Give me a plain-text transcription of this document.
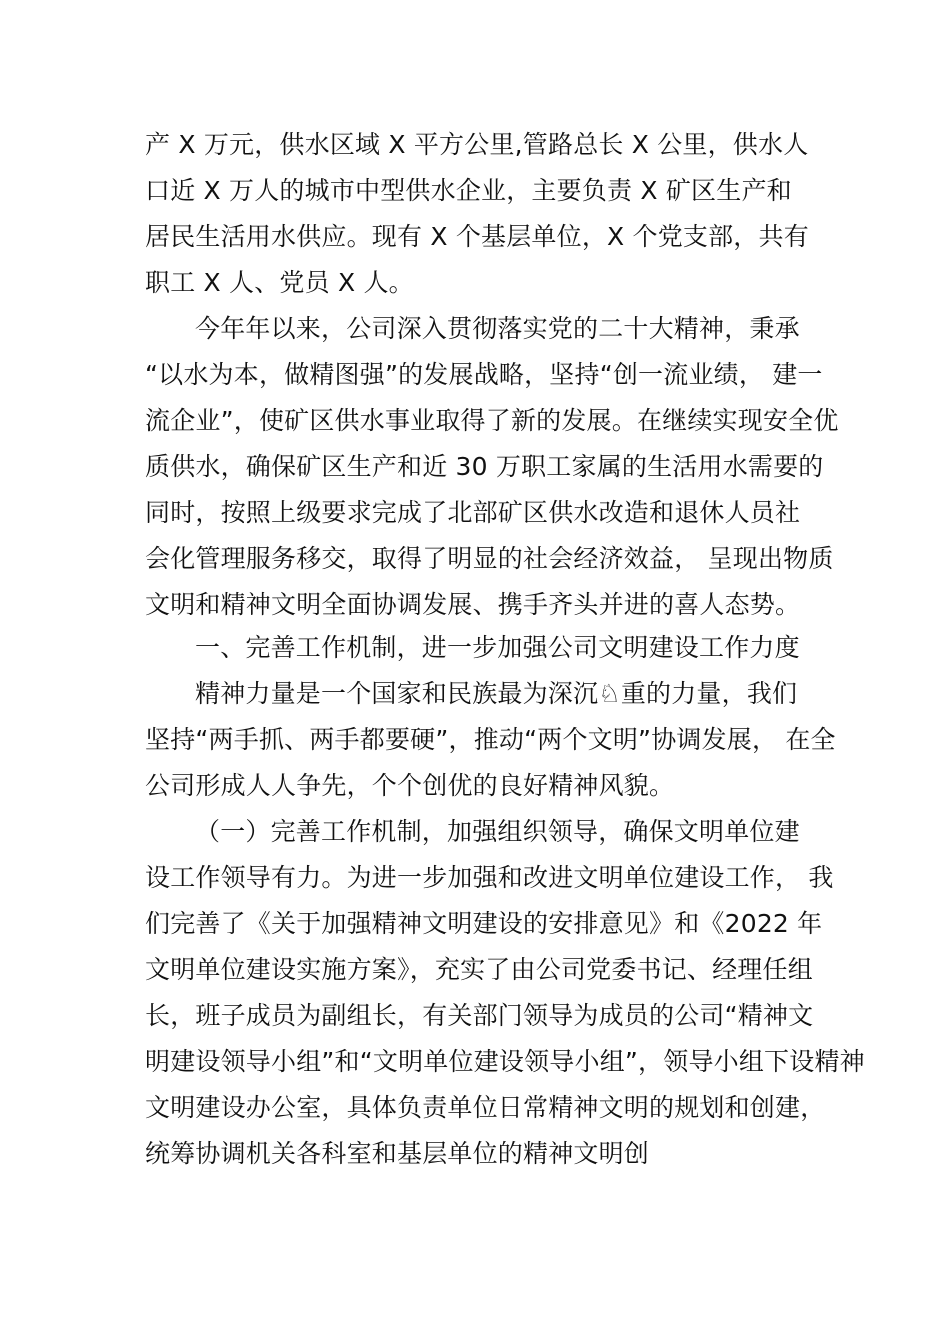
产 X 万元，供水区域 X 平方公里,管路总长 X 公里，供水人
口近 X 万人的城市中型供水企业，主要负责 X 矿区生产和
居民生活用水供应。现有 X 个基层单位，X 个党支部，共有
职工 X 人、党员 X 人。
今年年以来，公司深入贯彻落实党的二十大精神，秉承
“以水为本，做精图强”的发展战略，坚持“创一流业绩， 建一
流企业”，使矿区供水事业取得了新的发展。在继续实现安全优
质供水，确保矿区生产和近 30 万职工家属的生活用水需要的
同时，按照上级要求完成了北部矿区供水改造和退休人员社
会化管理服务移交，取得了明显的社会经济效益， 呈现出物质
文明和精神文明全面协调发展、携手齐头并进的喜人态势。
一、完善工作机制，进一步加强公司文明建设工作力度
精神力量是一个国家和民族最为深沉♘重的力量，我们
坚持“两手抓、两手都要硬”，推动“两个文明”协调发展， 在全
公司形成人人争先，个个创优的良好精神风貌。
（一）完善工作机制，加强组织领导，确保文明单位建
设工作领导有力。为进一步加强和改进文明单位建设工作， 我
们完善了《关于加强精神文明建设的安排意见》和《2022 年
文明单位建设实施方案》，充实了由公司党委书记、经理任组
长，班子成员为副组长，有关部门领导为成员的公司“精神文
明建设领导小组”和“文明单位建设领导小组”，领导小组下设精神
文明建设办公室，具体负责单位日常精神文明的规划和创建，
统筹协调机关各科室和基层单位的精神文明创
